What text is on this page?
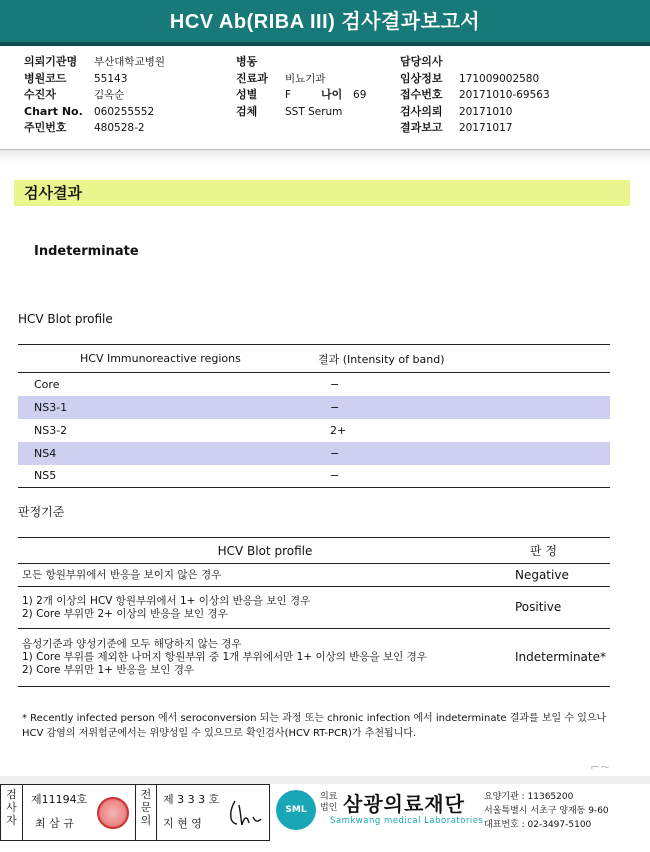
HCV Ab(RIBA III) 검사결과보고서
의뢰기관명	부산대학교병원
병원코드	55143
수진자	김옥순
Chart No.	060255552
주민번호	480528-2
병동
진료과	비뇨기과
성별	F	나이	69
검체	SST Serum
담당의사
임상정보	171009002580
접수번호	20171010-69563
검사의뢰	20171010
결과보고	20171017
검사결과
Indeterminate
HCV Blot profile
HCV Immunoreactive regions	결과 (Intensity of band)
Core	−
NS3-1	−
NS3-2	2+
NS4	−
NS5	−
판정기준
HCV Blot profile	판 정

모든 항원부위에서 반응을 보이지 않은 경우	Negative

1) 2개 이상의 HCV 항원부위에서 1+ 이상의 반응을 보인 경우
2) Core 부위만 2+ 이상의 반응을 보인 경우	Positive

음성기준과 양성기준에 모두 해당하지 않는 경우
1) Core 부위를 제외한 나머지 항원부위 중 1개 부위에서만 1+ 이상의 반응을 보인 경우
2) Core 부위만 1+ 반응을 보인 경우	Indeterminate*
* Recently infected person 에서 seroconversion 되는 과정 또는 chronic infection 에서 indeterminate 결과를 보일 수 있으나 HCV 감염의 저위험군에서는 위양성일 수 있으므로 확인검사(HCV RT-PCR)가 추천됩니다.
⌐~
검사자
제11194호
최 삼 규
전문의
제 3 3 3 호
지 현 영
SML
의료 법인 삼광의료재단
Samkwang medical Laboratories
요양기관 : 11365200
서울특별시 서초구 양재동 9-60
대표번호 : 02-3497-5100
